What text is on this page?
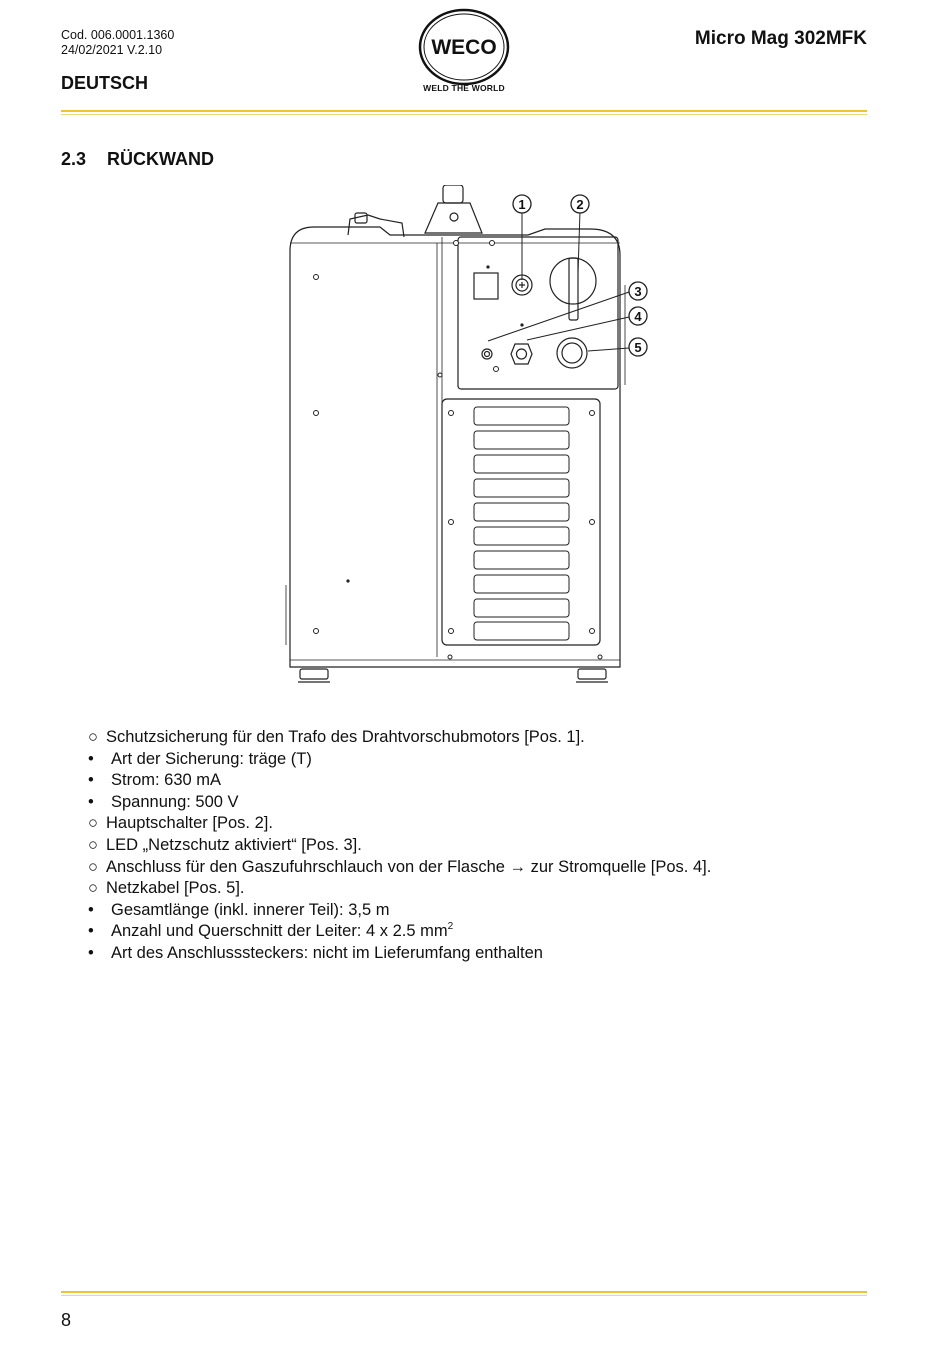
Cod. 006.0001.1360
24/02/2021 V.2.10
DEUTSCH
WECO
WELD THE WORLD
Micro Mag 302MFK
2.3 RÜCKWAND
1	2
3
4
5
○ Schutzsicherung für den Trafo des Drahtvorschubmotors [Pos. 1].
• Art der Sicherung: träge (T)
• Strom: 630 mA
• Spannung: 500 V
○ Hauptschalter [Pos. 2].
○ LED „Netzschutz aktiviert“ [Pos. 3].
○ Anschluss für den Gaszufuhrschlauch von der Flasche → zur Stromquelle [Pos. 4].
○ Netzkabel [Pos. 5].
• Gesamtlänge (inkl. innerer Teil): 3,5 m
• Anzahl und Querschnitt der Leiter: 4 x 2.5 $mm^2$
• Art des Anschlusssteckers: nicht im Lieferumfang enthalten
8
